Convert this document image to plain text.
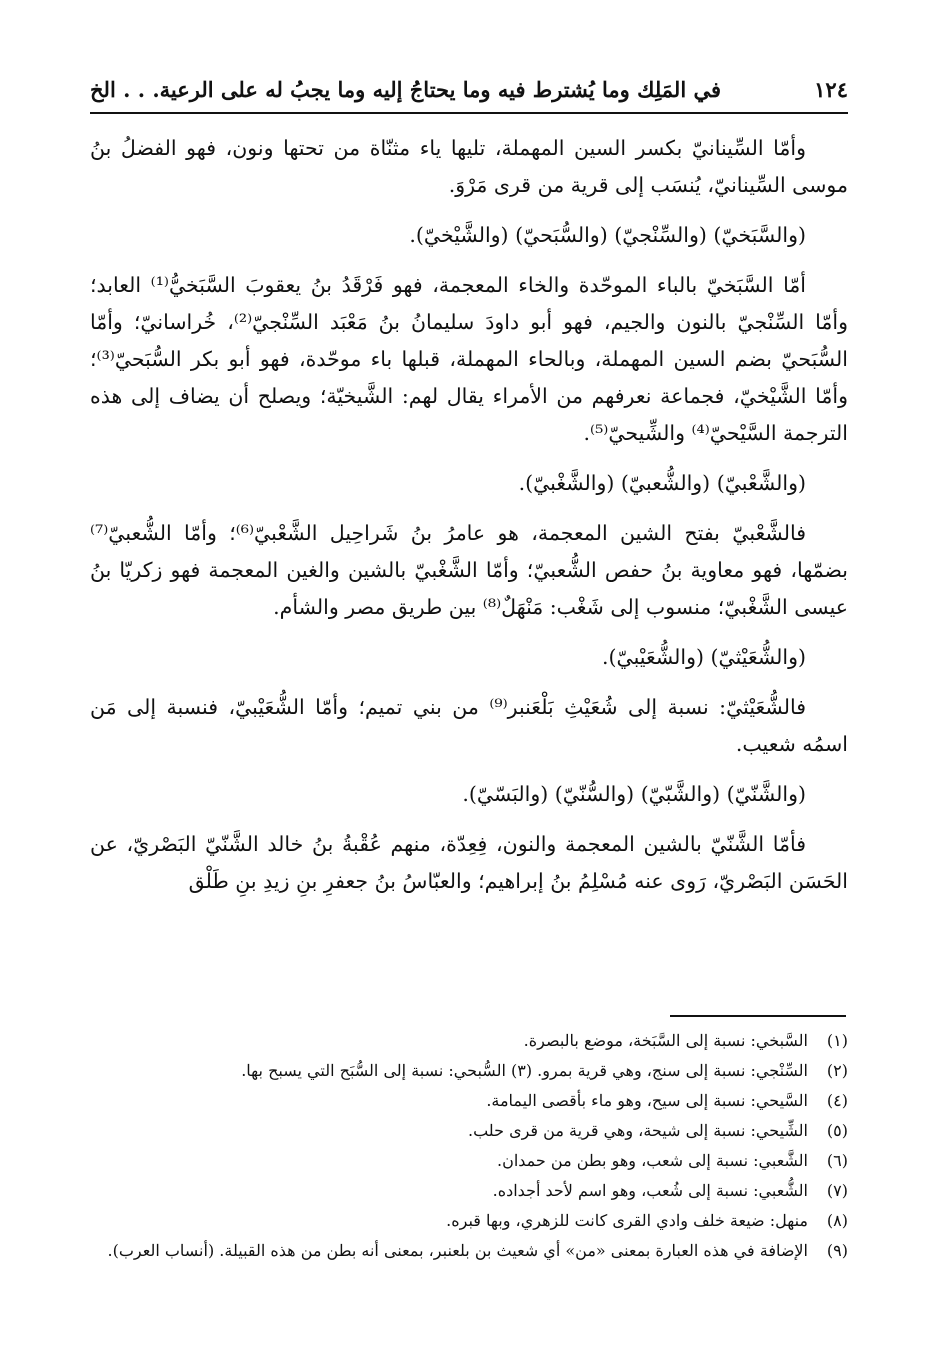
١٢٤
في المَلِك وما يُشترط فيه وما يحتاجُ إليه وما يجبُ له على الرعية. . . الخ

وأمّا السِّينانيّ بكسر السين المهملة، تليها ياء مثنّاة من تحتها ونون، فهو الفضلُ بنُ موسى السِّينانيّ، يُنسَب إلى قرية من قرى مَرْوَ.

(والسَّبَخيّ) (والسِّنْجيّ) (والسُّبَحيّ) (والشَّيْخيّ).

أمّا السَّبَخيّ بالباء الموحّدة والخاء المعجمة، فهو فَرْقَدُ بنُ يعقوبَ السَّبَخيُّ⁽¹⁾ العابد؛ وأمّا السِّنْجيّ بالنون والجيم، فهو أبو داودَ سليمانُ بنُ مَعْبَد السِّنْجيّ⁽²⁾، خُراسانيّ؛ وأمّا السُّبَحيّ بضم السين المهملة، وبالحاء المهملة، قبلها باء موحّدة، فهو أبو بكر السُّبَحيّ⁽³⁾؛ وأمّا الشَّيْخيّ، فجماعة نعرفهم من الأمراء يقال لهم: الشَّيخيّة؛ ويصلح أن يضاف إلى هذه الترجمة السَّيْحيّ⁽⁴⁾ والشِّيحيّ⁽⁵⁾.

(والشَّعْبيّ) (والشُّعبيّ) (والشَّغْبيّ).

فالشَّعْبيّ بفتح الشين المعجمة، هو عامرُ بنُ شَراحِيل الشَّعْبيّ⁽⁶⁾؛ وأمّا الشُّعبيّ⁽⁷⁾ بضمّها، فهو معاوية بنُ حفص الشُّعبيّ؛ وأمّا الشَّغْبيّ بالشين والغين المعجمة فهو زكريّا بنُ عيسى الشَّغْبيّ؛ منسوب إلى شَغْب: مَنْهَلٌ⁽⁸⁾ بين طريق مصر والشأم.

(والشُّعَيْثيّ) (والشُّعَيْبيّ).

فالشُّعَيْثيّ: نسبة إلى شُعَيْثِ بَلْعَنبر⁽⁹⁾ من بني تميم؛ وأمّا الشُّعَيْبيّ، فنسبة إلى مَن اسمُه شعيب.

(والشَّنّيّ) (والشَّبّيّ) (والسُّنّيّ) (والبَسّيّ).

فأمّا الشَّنّيّ بالشين المعجمة والنون، فِعِدّة، منهم عُقْبةُ بنُ خالد الشَّنّيّ البَصْريّ، عن الحَسَن البَصْريّ، رَوى عنه مُسْلِمُ بنُ إبراهيم؛ والعبّاسُ بنُ جعفرِ بنِ زيدِ بنِ طَلْق

(١)
السَّبخي: نسبة إلى السَّبَخة، موضع بالبصرة.
(٢)
السِّنْجي: نسبة إلى سنج، وهي قرية بمرو. (٣) السُّبحي: نسبة إلى السُّبَح التي يسبح بها.
(٤)
السَّيحي: نسبة إلى سيح، وهو ماء بأقصى اليمامة.
(٥)
الشِّيحي: نسبة إلى شيحة، وهي قرية من قرى حلب.
(٦)
الشَّعبي: نسبة إلى شعب، وهو بطن من حمدان.
(٧)
الشُّعبي: نسبة إلى شُعب، وهو اسم لأحد أجداده.
(٨)
منهل: ضيعة خلف وادي القرى كانت للزهري، وبها قبره.
(٩)
الإضافة في هذه العبارة بمعنى «من» أي شعيث بن بلعنبر، بمعنى أنه بطن من هذه القبيلة. (أنساب العرب).
